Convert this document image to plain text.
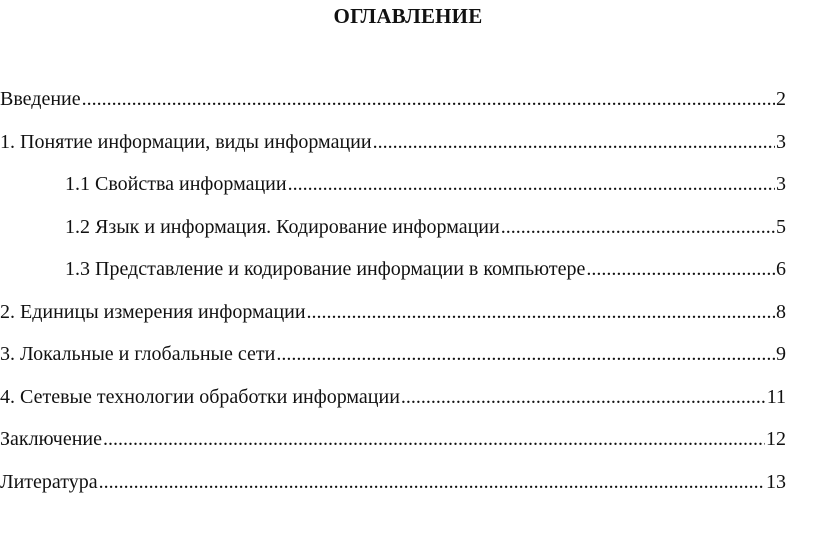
ОГЛАВЛЕНИЕ
Введение .....	2
1. Понятие информации, виды информации .....	3
1.1 Свойства информации .....	3
1.2 Язык и информация. Кодирование информации .....	5
1.3 Представление и кодирование информации в компьютере .....	6
2. Единицы измерения информации .....	8
3. Локальные и глобальные сети .....	9
4. Сетевые технологии обработки информации .....	11
Заключение .....	12
Литература .....	13
